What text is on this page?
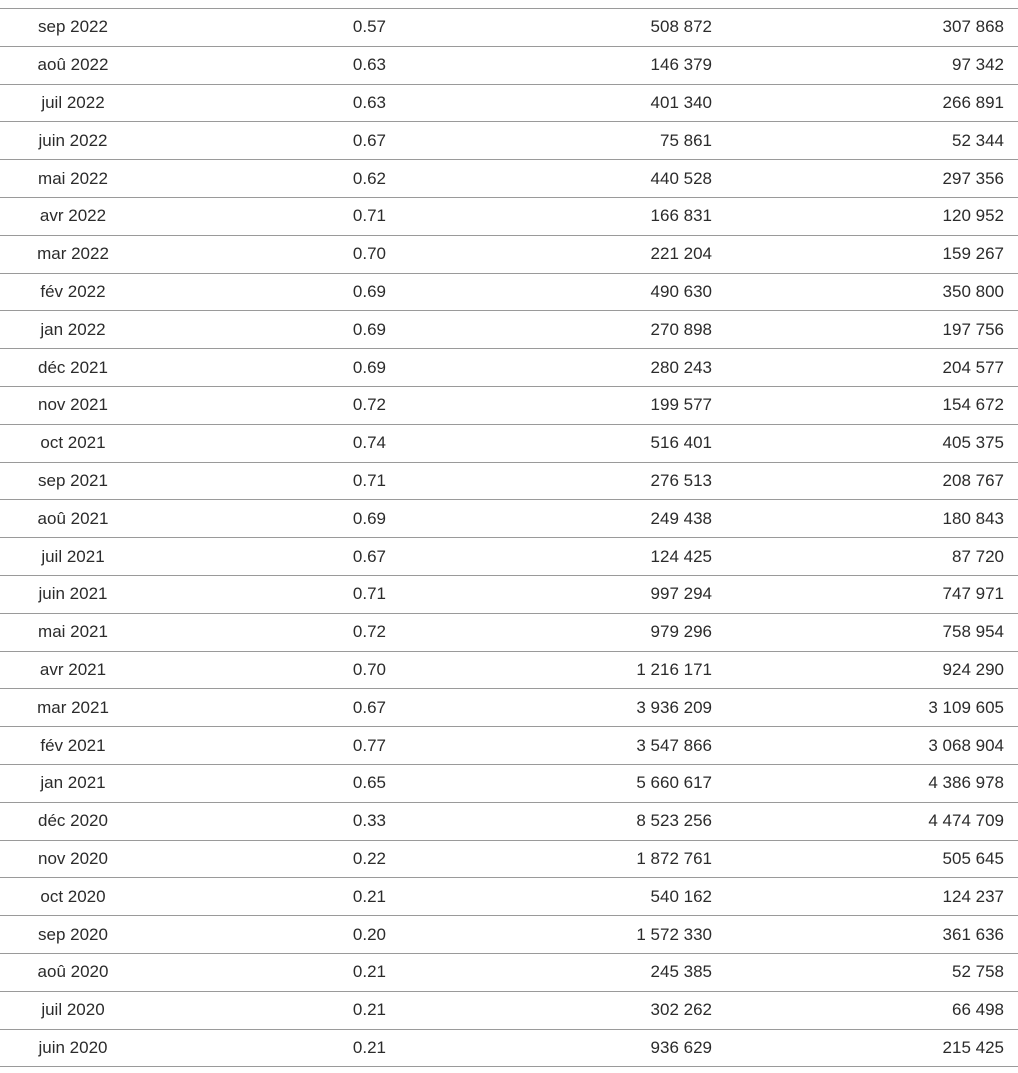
sep 2022	0.57	508 872	307 868
aoû 2022	0.63	146 379	97 342
juil 2022	0.63	401 340	266 891
juin 2022	0.67	75 861	52 344
mai 2022	0.62	440 528	297 356
avr 2022	0.71	166 831	120 952
mar 2022	0.70	221 204	159 267
fév 2022	0.69	490 630	350 800
jan 2022	0.69	270 898	197 756
déc 2021	0.69	280 243	204 577
nov 2021	0.72	199 577	154 672
oct 2021	0.74	516 401	405 375
sep 2021	0.71	276 513	208 767
aoû 2021	0.69	249 438	180 843
juil 2021	0.67	124 425	87 720
juin 2021	0.71	997 294	747 971
mai 2021	0.72	979 296	758 954
avr 2021	0.70	1 216 171	924 290
mar 2021	0.67	3 936 209	3 109 605
fév 2021	0.77	3 547 866	3 068 904
jan 2021	0.65	5 660 617	4 386 978
déc 2020	0.33	8 523 256	4 474 709
nov 2020	0.22	1 872 761	505 645
oct 2020	0.21	540 162	124 237
sep 2020	0.20	1 572 330	361 636
aoû 2020	0.21	245 385	52 758
juil 2020	0.21	302 262	66 498
juin 2020	0.21	936 629	215 425
